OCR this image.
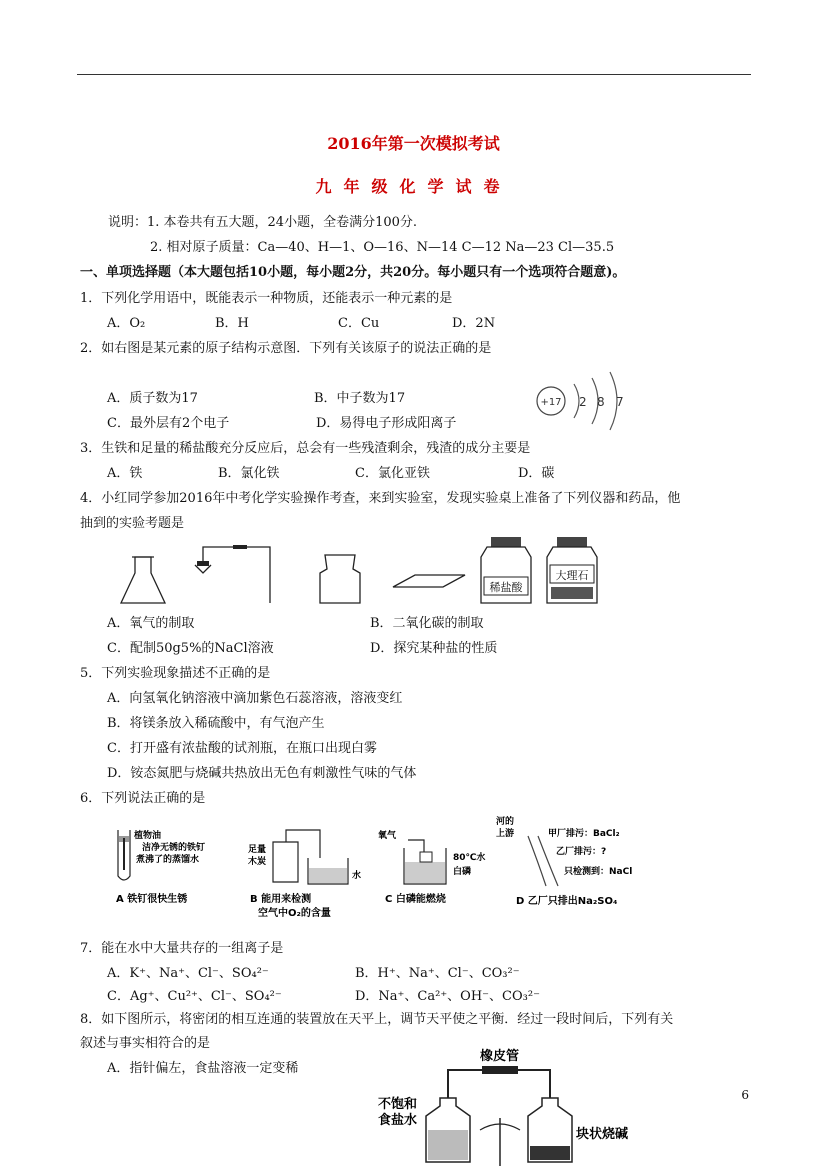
2016年第一次模拟考试
九年级化学试卷
说明：1. 本卷共有五大题，24小题，全卷满分100分.
2. 相对原子质量：Ca—40、H—1、O—16、N—14 C—12 Na—23 Cl—35.5
一、单项选择题（本大题包括10小题，每小题2分，共20分。每小题只有一个选项符合题意)。
1．下列化学用语中，既能表示一种物质，还能表示一种元素的是
A．O₂	B．H	C．Cu	D．2N
2．如右图是某元素的原子结构示意图．下列有关该原子的说法正确的是
A．质子数为17	B．中子数为17
C．最外层有2个电子	D．易得电子形成阳离子
+17 2 8 7
3．生铁和足量的稀盐酸充分反应后，总会有一些残渣剩余，残渣的成分主要是
A．铁	B．氯化铁	C．氯化亚铁	D．碳
4．小红同学参加2016年中考化学实验操作考查，来到实验室，发现实验桌上准备了下列仪器和药品，他
抽到的实验考题是
稀盐酸
大理石
A．氧气的制取	B．二氧化碳的制取
C．配制50g5%的NaCl溶液	D．探究某种盐的性质
5．下列实验现象描述不正确的是
A．向氢氧化钠溶液中滴加紫色石蕊溶液，溶液变红
B．将镁条放入稀硫酸中，有气泡产生
C．打开盛有浓盐酸的试剂瓶，在瓶口出现白雾
D．铵态氮肥与烧碱共热放出无色有刺激性气味的气体
6．下列说法正确的是
植物油
洁净无锈的铁钉
煮沸了的蒸馏水
A 铁钉很快生锈
足量
木炭
水
B 能用来检测
空气中O₂的含量
氧气
80℃水
白磷
C 白磷能燃烧
河的
上游	甲厂排污：BaCl₂
乙厂排污：?
只检测到：NaCl
D 乙厂只排出Na₂SO₄
7．能在水中大量共存的一组离子是
A．K⁺、Na⁺、Cl⁻、SO₄²⁻	B．H⁺、Na⁺、Cl⁻、CO₃²⁻
C．Ag⁺、Cu²⁺、Cl⁻、SO₄²⁻	D．Na⁺、Ca²⁺、OH⁻、CO₃²⁻
8．如下图所示，将密闭的相互连通的装置放在天平上，调节天平使之平衡．经过一段时间后，下列有关
叙述与事实相符合的是
A．指针偏左，食盐溶液一定变稀
橡皮管
不饱和
食盐水
块状烧碱
6
